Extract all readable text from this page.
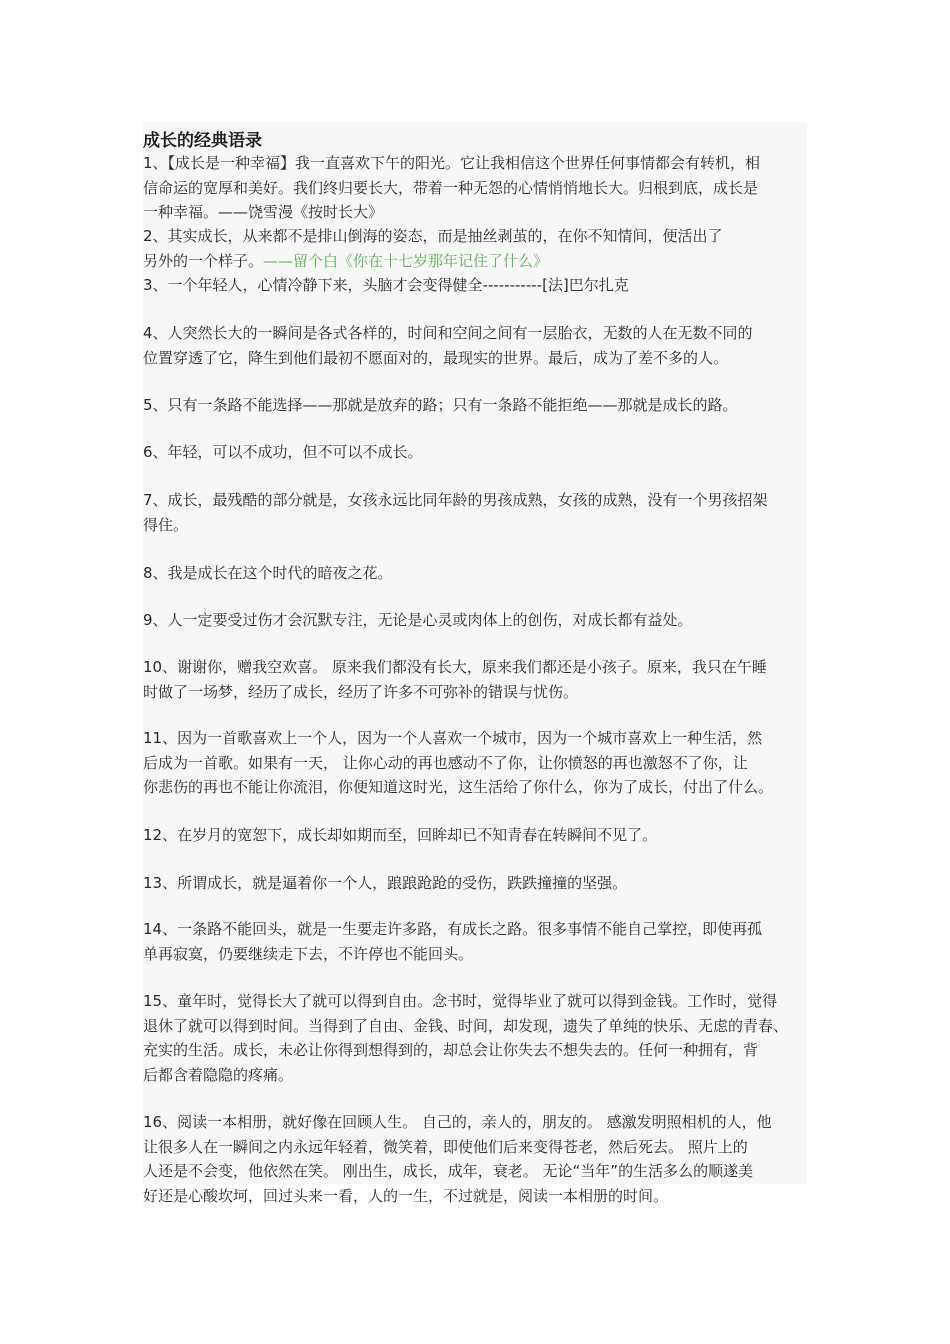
成长的经典语录
1、【成长是一种幸福】我一直喜欢下午的阳光。它让我相信这个世界任何事情都会有转机，相
信命运的宽厚和美好。我们终归要长大，带着一种无怨的心情悄悄地长大。归根到底，成长是
一种幸福。——饶雪漫《按时长大》
2、其实成长，从来都不是排山倒海的姿态，而是抽丝剥茧的，在你不知情间，便活出了
另外的一个样子。——留个白《你在十七岁那年记住了什么》
3、一个年轻人，心情冷静下来，头脑才会变得健全-----------[法]巴尔扎克
4、人突然长大的一瞬间是各式各样的，时间和空间之间有一层胎衣，无数的人在无数不同的
位置穿透了它，降生到他们最初不愿面对的，最现实的世界。最后，成为了差不多的人。
5、只有一条路不能选择——那就是放弃的路；只有一条路不能拒绝——那就是成长的路。
6、年轻，可以不成功，但不可以不成长。
7、成长，最残酷的部分就是，女孩永远比同年龄的男孩成熟，女孩的成熟，没有一个男孩招架
得住。
8、我是成长在这个时代的暗夜之花。
9、人一定要受过伤才会沉默专注，无论是心灵或肉体上的创伤，对成长都有益处。
10、谢谢你，赠我空欢喜。 原来我们都没有长大，原来我们都还是小孩子。原来，我只在午睡
时做了一场梦，经历了成长，经历了许多不可弥补的错误与忧伤。
11、因为一首歌喜欢上一个人，因为一个人喜欢一个城市，因为一个城市喜欢上一种生活，然
后成为一首歌。如果有一天， 让你心动的再也感动不了你，让你愤怒的再也激怒不了你，让
你悲伤的再也不能让你流泪，你便知道这时光，这生活给了你什么，你为了成长，付出了什么。
12、在岁月的宽恕下，成长却如期而至，回眸却已不知青春在转瞬间不见了。
13、所谓成长，就是逼着你一个人，踉踉跄跄的受伤，跌跌撞撞的坚强。
14、一条路不能回头，就是一生要走许多路，有成长之路。很多事情不能自己掌控，即使再孤
单再寂寞，仍要继续走下去，不许停也不能回头。
15、童年时，觉得长大了就可以得到自由。念书时，觉得毕业了就可以得到金钱。工作时，觉得
退休了就可以得到时间。当得到了自由、金钱、时间，却发现，遗失了单纯的快乐、无虑的青春、
充实的生活。成长，未必让你得到想得到的，却总会让你失去不想失去的。任何一种拥有，背
后都含着隐隐的疼痛。
16、阅读一本相册，就好像在回顾人生。 自己的，亲人的，朋友的。 感激发明照相机的人，他
让很多人在一瞬间之内永远年轻着，微笑着，即使他们后来变得苍老，然后死去。 照片上的
人还是不会变，他依然在笑。 刚出生，成长，成年，衰老。 无论“当年”的生活多么的顺遂美
好还是心酸坎坷，回过头来一看，人的一生，不过就是，阅读一本相册的时间。
